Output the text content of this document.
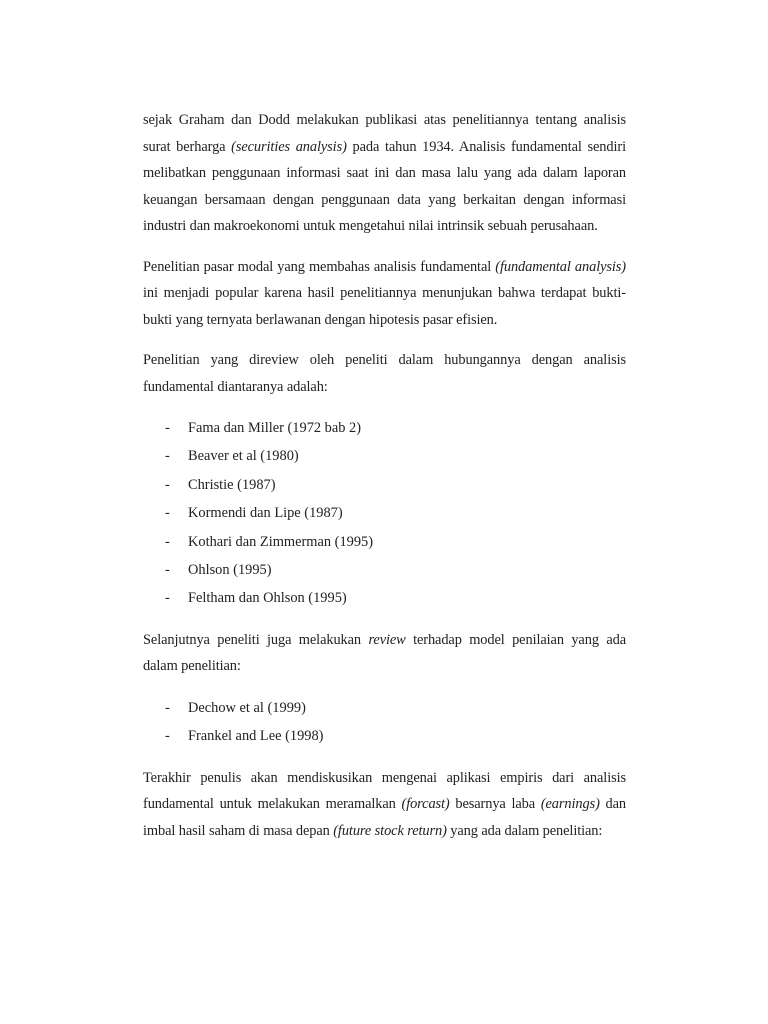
sejak Graham dan Dodd melakukan publikasi atas penelitiannya tentang analisis surat berharga (securities analysis) pada tahun 1934. Analisis fundamental sendiri melibatkan penggunaan informasi saat ini dan masa lalu yang ada dalam laporan keuangan bersamaan dengan penggunaan data yang berkaitan dengan informasi industri dan makroekonomi untuk mengetahui nilai intrinsik sebuah perusahaan.

Penelitian pasar modal yang membahas analisis fundamental (fundamental analysis) ini menjadi popular karena hasil penelitiannya menunjukan bahwa terdapat bukti-bukti yang ternyata berlawanan dengan hipotesis pasar efisien.

Penelitian yang direview oleh peneliti dalam hubungannya dengan analisis fundamental diantaranya adalah:

- Fama dan Miller (1972 bab 2)
- Beaver et al (1980)
- Christie (1987)
- Kormendi dan Lipe (1987)
- Kothari dan Zimmerman (1995)
- Ohlson (1995)
- Feltham dan Ohlson (1995)

Selanjutnya peneliti juga melakukan review terhadap model penilaian yang ada dalam penelitian:

- Dechow et al (1999)
- Frankel and Lee (1998)

Terakhir penulis akan mendiskusikan mengenai aplikasi empiris dari analisis fundamental untuk melakukan meramalkan (forcast) besarnya laba (earnings) dan imbal hasil saham di masa depan (future stock return) yang ada dalam penelitian:
